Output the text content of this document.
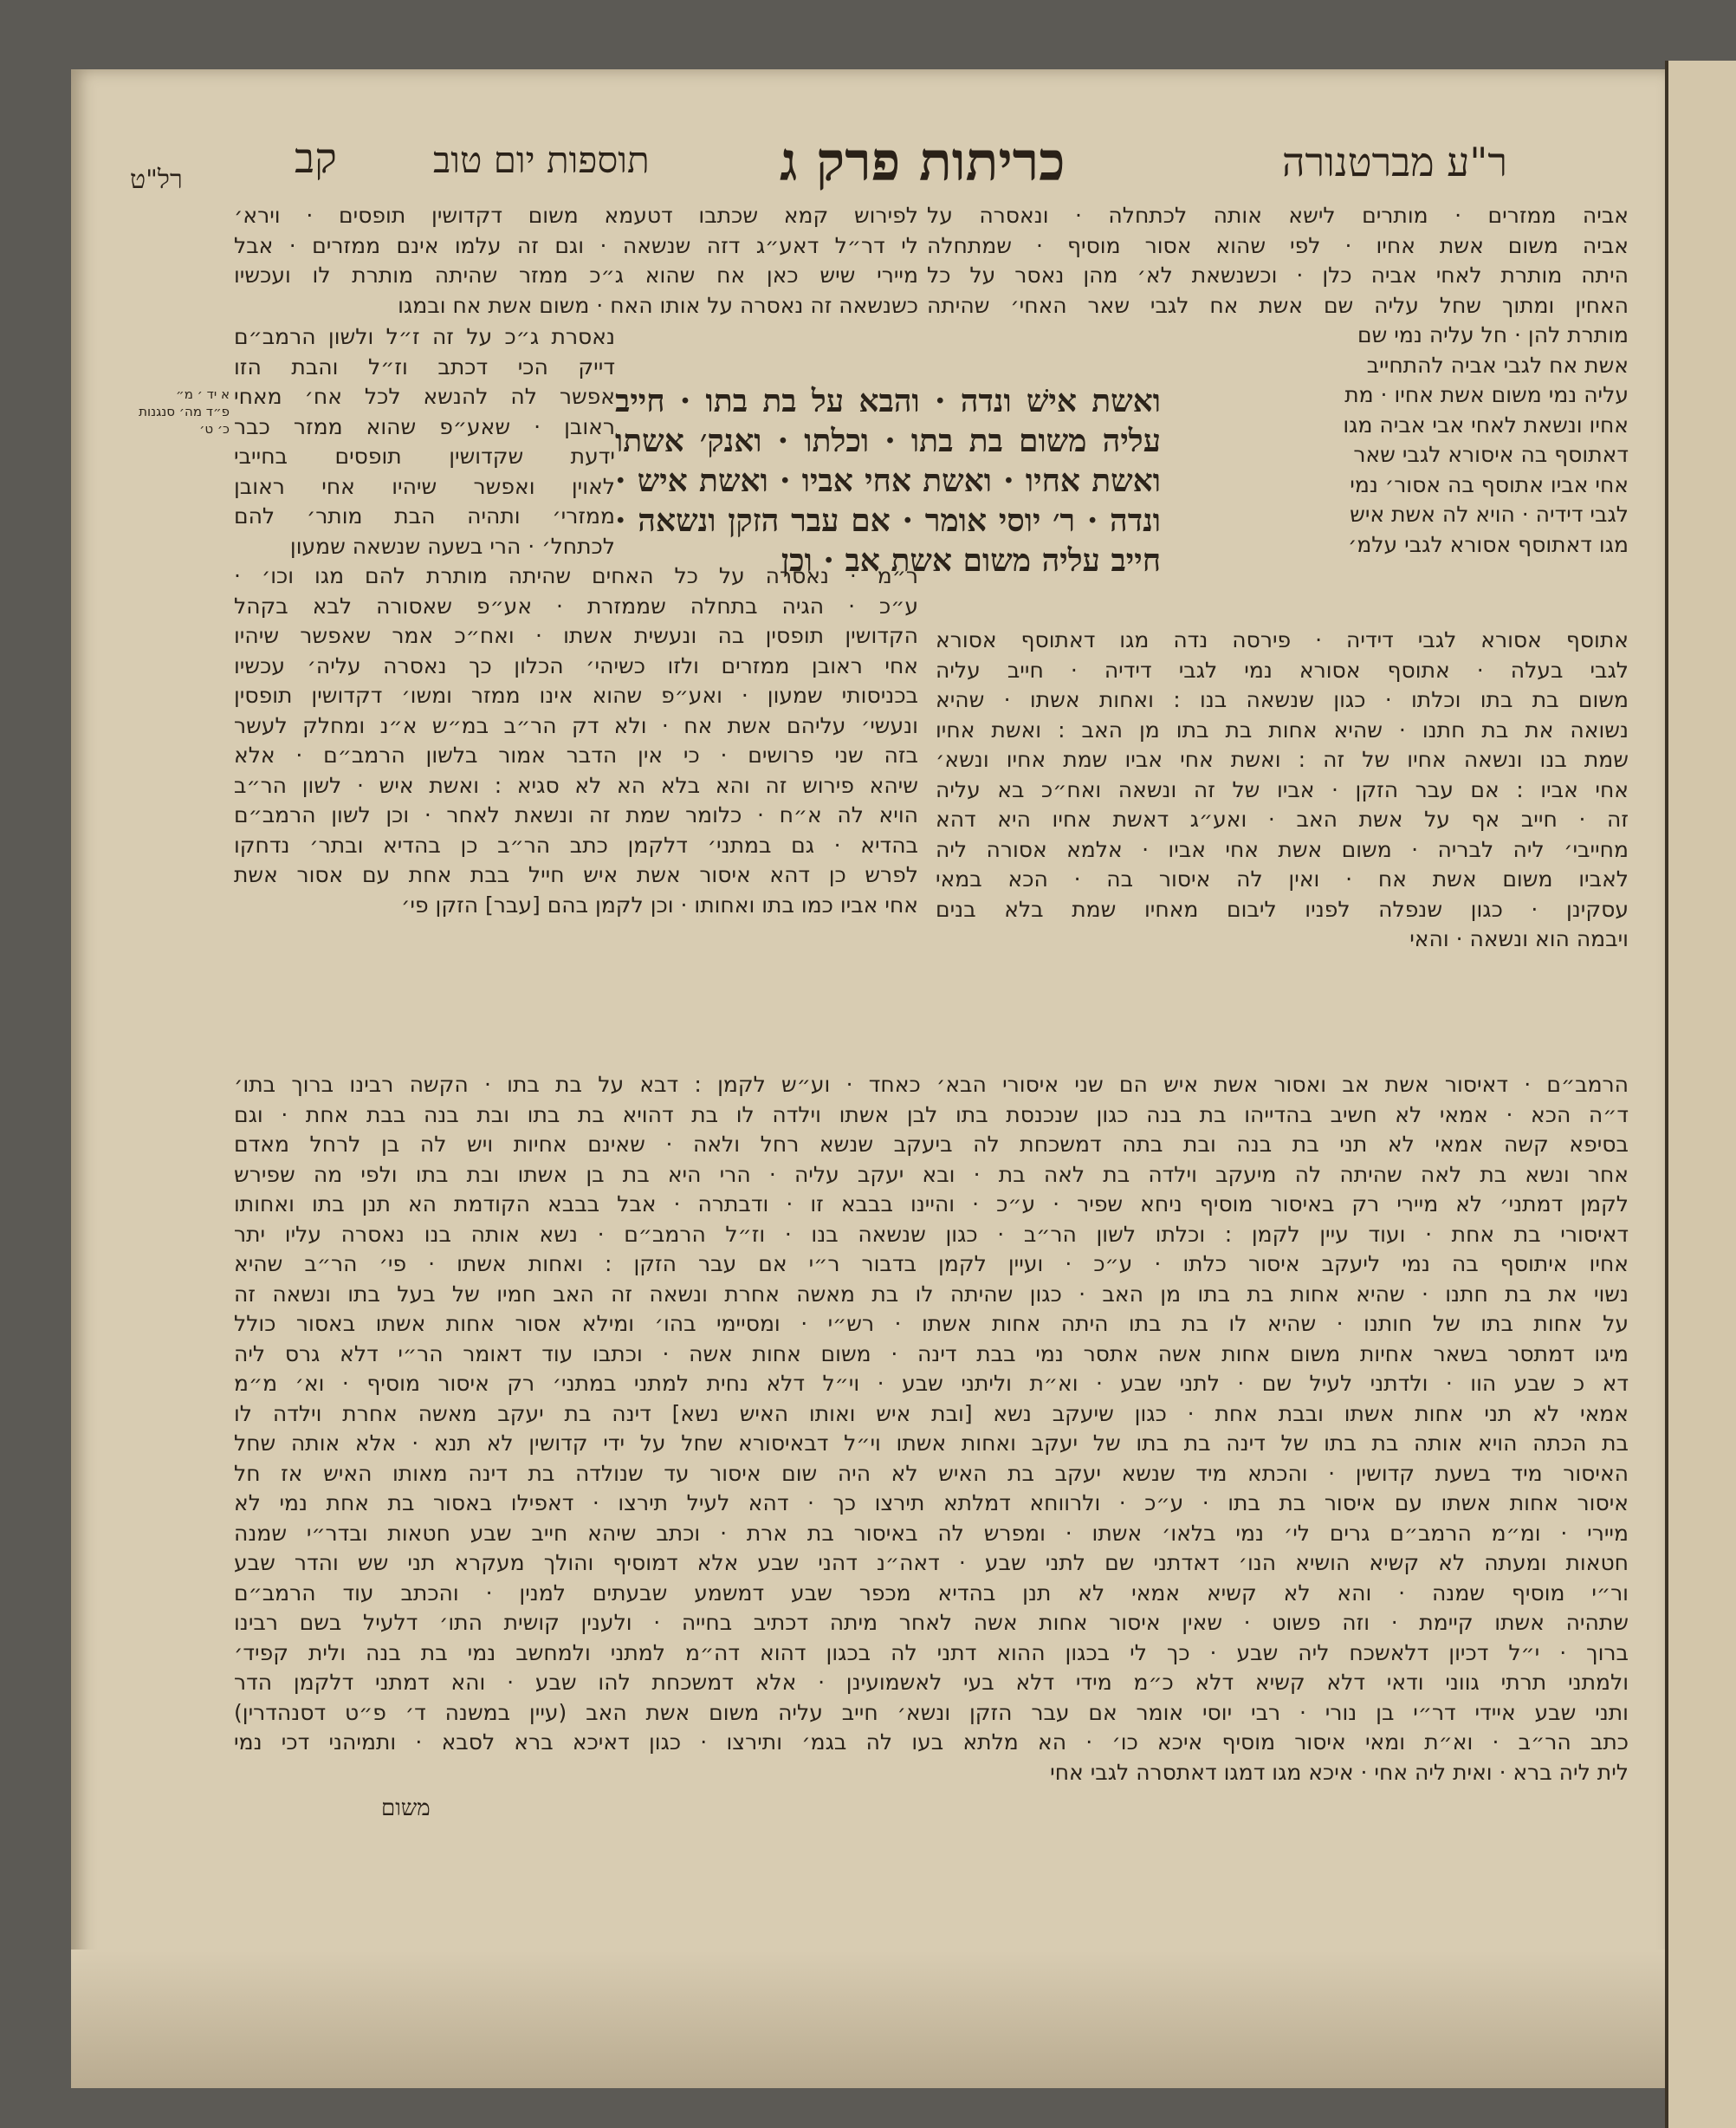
ר"ע מברטנורה
כריתות פרק ג
תוספות יום טוב
קב
רל"ט
א יד ׳ מ״
פ״ד מה׳ סנגנות
כ׳ ט׳
אביה ממזרים · מותרים לישא אותה לכתחלה · ונאסרה על
אביה משום אשת אחיו · לפי שהוא אסור מוסיף · שמתחלה
היתה מותרת לאחי אביה כלן · וכשנשאת לא׳ מהן נאסר על כל
האחין ומתוך שחל עליה שם אשת אח לגבי שאר האחי׳ שהיתה
מותרת להן · חל עליה נמי שם
אשת אח לגבי אביה להתחייב
עליה נמי משום אשת אחיו · מת
אחיו ונשאת לאחי אבי אביה מגו
דאתוסף בה איסורא לגבי שאר
אחי אביו אתוסף בה אסור׳ נמי
לגבי דידיה · הויא לה אשת איש
מגו דאתוסף אסורא לגבי עלמ׳
ואשת אישׁ ונדה · והבא על בת בתו · חייב
עליה משום בת בתו · וכלתו · ואנק׳ אשתו
ואשת אחיו · ואשת אחי אביו · ואשת איש ·
ונדה · ר׳ יוסי אומר · אם עבר הזקן ונשאה ·
חייב עליה משום אשת אב · וכן
לפירוש קמא שכתבו דטעמא משום דקדושין תופסים · וירא׳
לי דר״ל דאע״ג דזה שנשאה · וגם זה עלמו אינם ממזרים · אבל
מיירי שיש כאן אח שהוא ג״כ ממזר שהיתה מותרת לו ועכשיו
כשנשאה זה נאסרה על אותו האח · משום אשת אח ובמגו
נאסרת ג״כ על זה ז״ל ולשון הרמב״ם
דייק הכי דכתב וז״ל והבת הזו
אפשר לה להנשא לכל אח׳ מאחי
ראובן · שאע״פ שהוא ממזר כבר
ידעת שקדושין תופסים בחייבי
לאוין ואפשר שיהיו אחי ראובן
ממזרי׳ ותהיה הבת מותר׳ להם
לכתחל׳ · הרי בשעה שנשאה שמעון
אתוסף אסורא לגבי דידיה · פירסה נדה מגו דאתוסף אסורא
לגבי בעלה · אתוסף אסורא נמי לגבי דידיה · חייב עליה
משום בת בתו וכלתו · כגון שנשאה בנו : ואחות אשתו · שהיא
נשואה את בת חתנו · שהיא אחות בת בתו מן האב : ואשת אחיו
שמת בנו ונשאה אחיו של זה : ואשת אחי אביו שמת אחיו ונשא׳
אחי אביו : אם עבר הזקן · אביו של זה ונשאה ואח״כ בא עליה
זה · חייב אף על אשת האב · ואע״ג דאשת אחיו היא דהא
מחייבי׳ ליה לבריה · משום אשת אחי אביו · אלמא אסורה ליה
לאביו משום אשת אח · ואין לה איסור בה · הכא במאי
עסקינן · כגון שנפלה לפניו ליבום מאחיו שמת בלא בנים
ויבמה הוא ונשאה · והאי
ר״מ · נאסרה על כל האחים שהיתה מותרת להם מגו וכו׳ ·
ע״כ · הגיה בתחלה שממזרת · אע״פ שאסורה לבא בקהל
הקדושין תופסין בה ונעשית אשתו · ואח״כ אמר שאפשר שיהיו
אחי ראובן ממזרים ולזו כשיהי׳ הכלון כך נאסרה עליה׳ עכשיו
בכניסותי שמעון · ואע״פ שהוא אינו ממזר ומשו׳ דקדושין תופסין
ונעשי׳ עליהם אשת אח · ולא דק הר״ב במ״ש א״נ ומחלק לעשר
בזה שני פרושים · כי אין הדבר אמור בלשון הרמב״ם · אלא
שיהא פירוש זה והא בלא הא לא סגיא : ואשת איש · לשון הר״ב
הויא לה א״ח · כלומר שמת זה ונשאת לאחר · וכן לשון הרמב״ם
בהדיא · גם במתני׳ דלקמן כתב הר״ב כן בהדיא ובתר׳ נדחקו
לפרש כן דהא איסור אשת איש חייל בבת אחת עם אסור אשת
אחי אביו כמו בתו ואחותו · וכן לקמן בהם [עבר] הזקן פי׳
הרמב״ם · דאיסור אשת אב ואסור אשת איש הם שני איסורי הבא׳ כאחד · וע״ש לקמן : דבא על בת בתו · הקשה רבינו ברוך בתו׳
ד״ה הכא · אמאי לא חשיב בהדייהו בת בנה כגון שנכנסת בתו לבן אשתו וילדה לו בת דהויא בת בתו ובת בנה בבת אחת · וגם
בסיפא קשה אמאי לא תני בת בנה ובת בתה דמשכחת לה ביעקב שנשא רחל ולאה · שאינם אחיות ויש לה בן לרחל מאדם
אחר ונשא בת לאה שהיתה לה מיעקב וילדה בת לאה בת · ובא יעקב עליה · הרי היא בת בן אשתו ובת בתו ולפי מה שפירש
לקמן דמתני׳ לא מיירי רק באיסור מוסיף ניחא שפיר · ע״כ · והיינו בבבא זו · ודבתרה · אבל בבבא הקודמת הא תנן בתו ואחותו
דאיסורי בת אחת · ועוד עיין לקמן : וכלתו לשון הר״ב · כגון שנשאה בנו · וז״ל הרמב״ם · נשא אותה בנו נאסרה עליו יתר
אחיו איתוסף בה נמי ליעקב איסור כלתו · ע״כ · ועיין לקמן בדבור ר״י אם עבר הזקן : ואחות אשתו · פי׳ הר״ב שהיא
נשוי את בת חתנו · שהיא אחות בת בתו מן האב · כגון שהיתה לו בת מאשה אחרת ונשאה זה האב חמיו של בעל בתו ונשאה זה
על אחות בתו של חותנו · שהיא לו בת בתו היתה אחות אשתו · רש״י · ומסיימי בהו׳ ומילא אסור אחות אשתו באסור כולל
מיגו דמתסר בשאר אחיות משום אחות אשה אתסר נמי בבת דינה · משום אחות אשה · וכתבו עוד דאומר הר״י דלא גרס ליה
דא כ שבע הוו · ולדתני לעיל שם · לתני שבע · וא״ת וליתני שבע · וי״ל דלא נחית למתני במתני׳ רק איסור מוסיף · וא׳ מ״מ
אמאי לא תני אחות אשתו ובבת אחת · כגון שיעקב נשא [ובת איש ואותו האיש נשא] דינה בת יעקב מאשה אחרת וילדה לו
בת הכתה הויא אותה בת בתו של דינה בת בתו של יעקב ואחות אשתו וי״ל דבאיסורא שחל על ידי קדושין לא תנא · אלא אותה שחל
האיסור מיד בשעת קדושין · והכתא מיד שנשא יעקב בת האיש לא היה שום איסור עד שנולדה בת דינה מאותו האיש אז חל
איסור אחות אשתו עם איסור בת בתו · ע״כ · ולרווחא דמלתא תירצו כך · דהא לעיל תירצו · דאפילו באסור בת אחת נמי לא
מיירי · ומ״מ הרמב״ם גרים לי׳ נמי בלאו׳ אשתו · ומפרש לה באיסור בת ארת · וכתב שיהא חייב שבע חטאות ובדר״י שמנה
חטאות ומעתה לא קשיא הושיא הנו׳ דאדתני שם לתני שבע · דאה״נ דהני שבע אלא דמוסיף והולך מעקרא תני שש והדר שבע
ור״י מוסיף שמנה · והא לא קשיא אמאי לא תנן בהדיא מכפר שבע דמשמע שבעתים למנין · והכתב עוד הרמב״ם
שתהיה אשתו קיימת · וזה פשוט · שאין איסור אחות אשה לאחר מיתה דכתיב בחייה · ולענין קושית התו׳ דלעיל בשם רבינו
ברוך · י״ל דכיון דלאשכח ליה שבע · כך לי בכגון ההוא דתני לה בכגון דהוא דה״מ למתני ולמחשב נמי בת בנה ולית קפיד׳
ולמתני תרתי גווני ודאי דלא קשיא דלא כ״מ מידי דלא בעי לאשמועינן · אלא דמשכחת להו שבע · והא דמתני דלקמן הדר
ותני שבע איידי דר״י בן נורי · רבי יוסי אומר אם עבר הזקן ונשא׳ חייב עליה משום אשת האב (עיין במשנה ד׳ פ״ט דסנהדרין)
כתב הר״ב · וא״ת ומאי איסור מוסיף איכא כו׳ · הא מלתא בעו לה בגמ׳ ותירצו · כגון דאיכא ברא לסבא · ותמיהני דכי נמי
לית ליה ברא · ואית ליה אחי · איכא מגו דמגו דאתסרה לגבי אחי
משום
